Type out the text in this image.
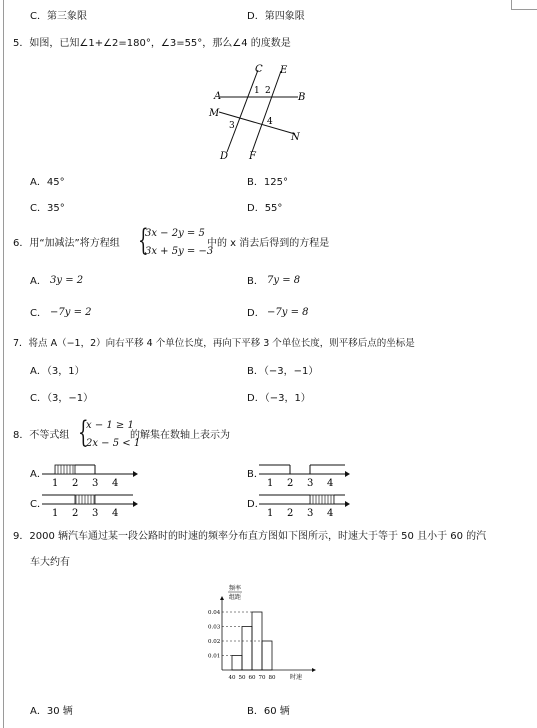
C．第三象限	D．第四象限
5．如图，已知∠1+∠2=180°，∠3=55°，那么∠4 的度数是
C E
A	B
M
N
D F
1 2
3	4
A．45°	B．125°
C．35°	D．55°
6．用“加减法”将方程组 {
3x − 2y = 5
3x + 5y = −3
中的 x 消去后得到的方程是
A． 3y = 2	B． 7y = 8
C． −7y = 2	D． −7y = 8
7．将点 A（−1，2）向右平移 4 个单位长度，再向下平移 3 个单位长度，则平移后点的坐标是
A．（3，1）	B．（−3，−1）
C．（3，−1）	D．（−3，1）
8．不等式组 {
x − 1 ≥ 1
2x − 5 < 1
的解集在数轴上表示为
A．	B．
C．	D．
1 2 3 4	1 2 3 4
1 2 3 4	1 2 3 4
9．2000 辆汽车通过某一段公路时的时速的频率分布直方图如下图所示，时速大于等于 50 且小于 60 的汽
车大约有
频率
组距
0.01
0.02
0.03
0.04
40 50 60 70 80 时速
A．30 辆	B．60 辆
